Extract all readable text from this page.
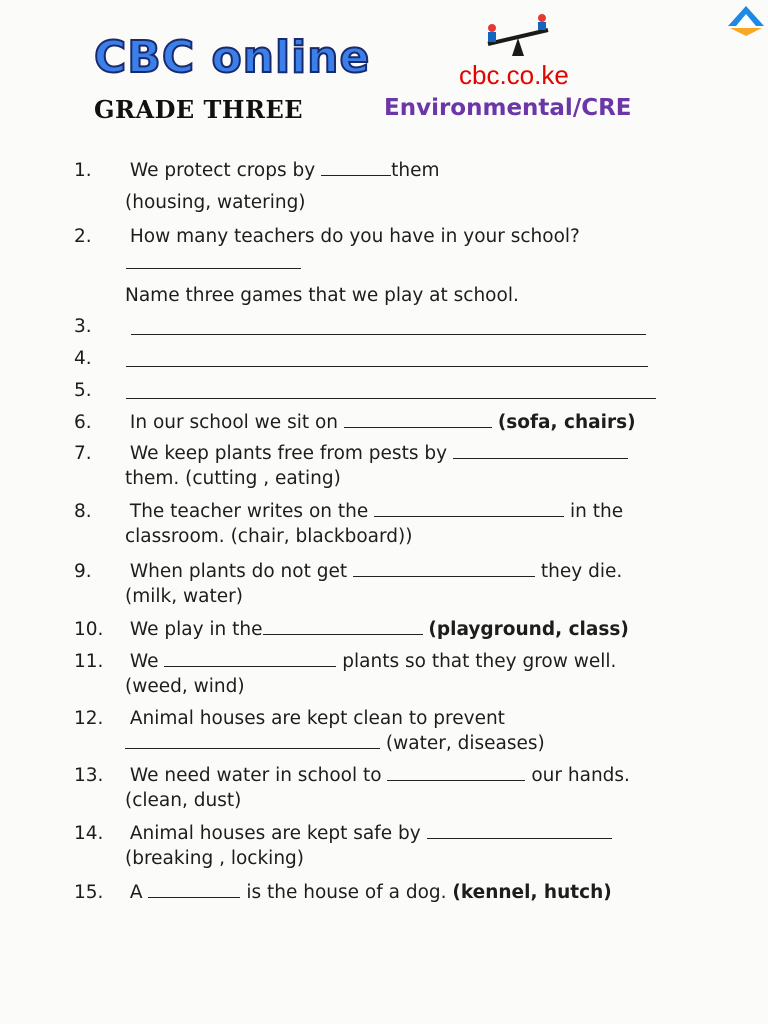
CBC online	cbc.co.ke
GRADE THREE	Environmental/CRE
1. We protect crops by	them
(housing, watering)
2. How many teachers do you have in your school?
Name three games that we play at school.
3.
4.
5.
6. In our school we sit on	(sofa, chairs)
7. We keep plants free from pests by
them. (cutting , eating)
8. The teacher writes on the	in the
classroom. (chair, blackboard))
9. When plants do not get	they die.
(milk, water)
10. We play in the	(playground, class)
11. We	plants so that they grow well.
(weed, wind)
12. Animal houses are kept clean to prevent
(water, diseases)
13. We need water in school to	our hands.
(clean, dust)
14. Animal houses are kept safe by
(breaking , locking)
15. A	is the house of a dog. (kennel, hutch)
